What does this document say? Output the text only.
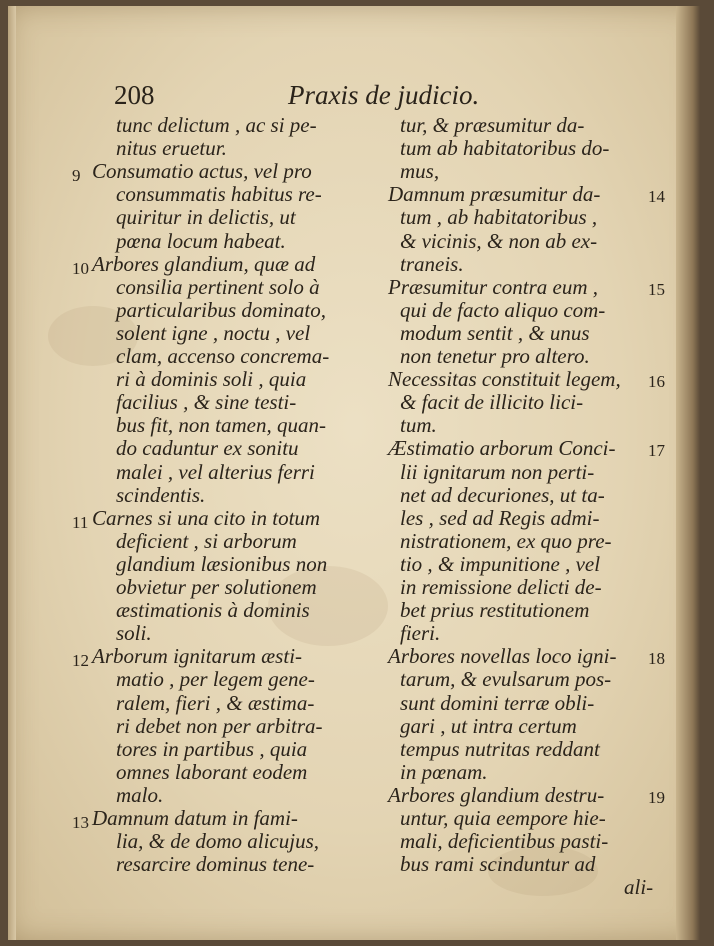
208	Praxis de judicio.
tunc delictum , ac si pe-
nitus eruetur.
Consumatio actus, vel pro
consummatis habitus re-
quiritur in delictis, ut
pœna locum habeat.
Arbores glandium, quæ ad
consilia pertinent solo à
particularibus dominato,
solent igne , noctu , vel
clam, accenso concrema-
ri à dominis soli , quia
facilius , & sine testi-
bus fit, non tamen, quan-
do caduntur ex sonitu
malei , vel alterius ferri
scindentis.
Carnes si una cito in totum
deficient , si arborum
glandium læsionibus non
obvietur per solutionem
æstimationis à dominis
soli.
Arborum ignitarum æsti-
matio , per legem gene-
ralem, fieri , & æstima-
ri debet non per arbitra-
tores in partibus , quia
omnes laborant eodem
malo.
Damnum datum in fami-
lia, & de domo alicujus,
resarcire dominus tene-
9
10
11
12
13
tur, & præsumitur da-
tum ab habitatoribus do-
mus,
Damnum præsumitur da-
tum , ab habitatoribus ,
& vicinis, & non ab ex-
traneis.
Præsumitur contra eum ,
qui de facto aliquo com-
modum sentit , & unus
non tenetur pro altero.
Necessitas constituit legem,
& facit de illicito lici-
tum.
Æstimatio arborum Conci-
lii ignitarum non perti-
net ad decuriones, ut ta-
les , sed ad Regis admi-
nistrationem, ex quo pre-
tio , & impunitione , vel
in remissione delicti de-
bet prius restitutionem
fieri.
Arbores novellas loco igni-
tarum, & evulsarum pos-
sunt domini terræ obli-
gari , ut intra certum
tempus nutritas reddant
in pœnam.
Arbores glandium destru-
untur, quia eempore hie-
mali, deficientibus pasti-
bus rami scinduntur ad
ali-
14
15
16
17
18
19
